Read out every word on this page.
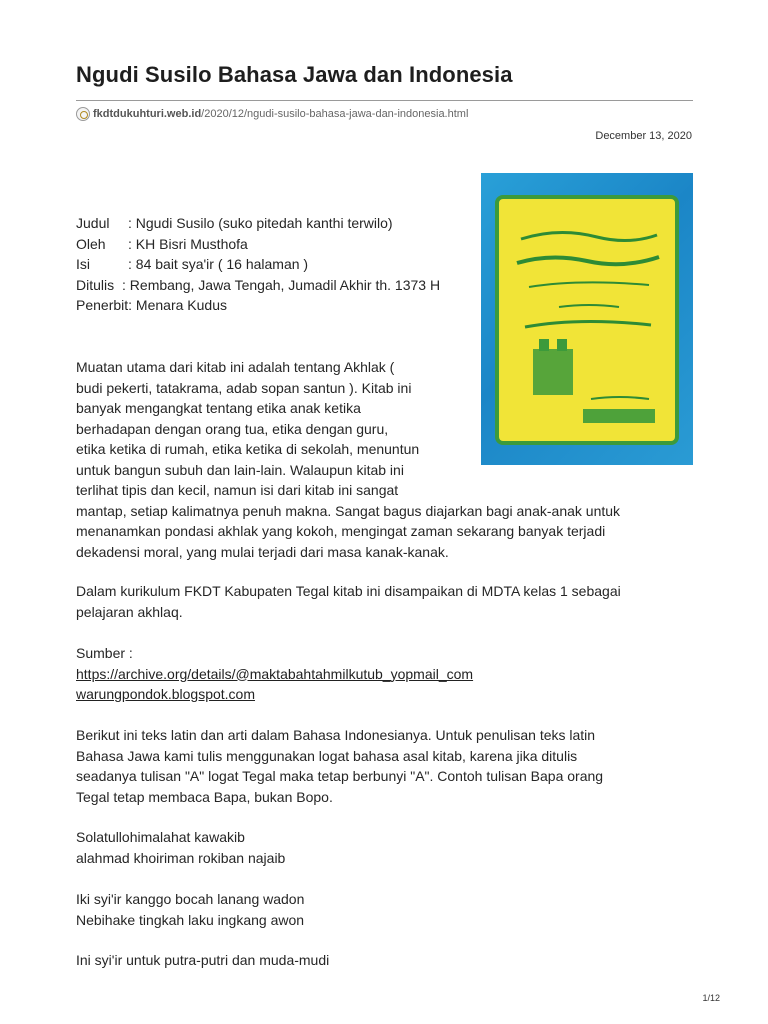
Ngudi Susilo Bahasa Jawa dan Indonesia
fkdtdukuhturi.web.id /2020/12/ngudi-susilo-bahasa-jawa-dan-indonesia.html
December 13, 2020
Judul	: Ngudi Susilo (suko pitedah kanthi terwilo)
Oleh	: KH Bisri Musthofa
Isi	: 84 bait sya'ir ( 16 halaman )
Ditulis : Rembang, Jawa Tengah, Jumadil Akhir th. 1373 H
Penerbit: Menara Kudus
Muatan utama dari kitab ini adalah tentang Akhlak (
budi pekerti, tatakrama, adab sopan santun ). Kitab ini
banyak mengangkat tentang etika anak ketika
berhadapan dengan orang tua, etika dengan guru,
etika ketika di rumah, etika ketika di sekolah, menuntun
untuk bangun subuh dan lain-lain. Walaupun kitab ini
terlihat tipis dan kecil, namun isi dari kitab ini sangat
mantap, setiap kalimatnya penuh makna. Sangat bagus diajarkan bagi anak-anak untuk
menanamkan pondasi akhlak yang kokoh, mengingat zaman sekarang banyak terjadi
dekadensi moral, yang mulai terjadi dari masa kanak-kanak.
Dalam kurikulum FKDT Kabupaten Tegal kitab ini disampaikan di MDTA kelas 1 sebagai
pelajaran akhlaq.
Sumber :
https://archive.org/details/@maktabahtahmilkutub_yopmail_com
warungpondok.blogspot.com
Berikut ini teks latin dan arti dalam Bahasa Indonesianya. Untuk penulisan teks latin
Bahasa Jawa kami tulis menggunakan logat bahasa asal kitab, karena jika ditulis
seadanya tulisan "A" logat Tegal maka tetap berbunyi "A". Contoh tulisan Bapa orang
Tegal tetap membaca Bapa, bukan Bopo.
Solatullohimalahat kawakib
alahmad khoiriman rokiban najaib
Iki syi'ir kanggo bocah lanang wadon
Nebihake tingkah laku ingkang awon
Ini syi'ir untuk putra-putri dan muda-mudi
1/12
